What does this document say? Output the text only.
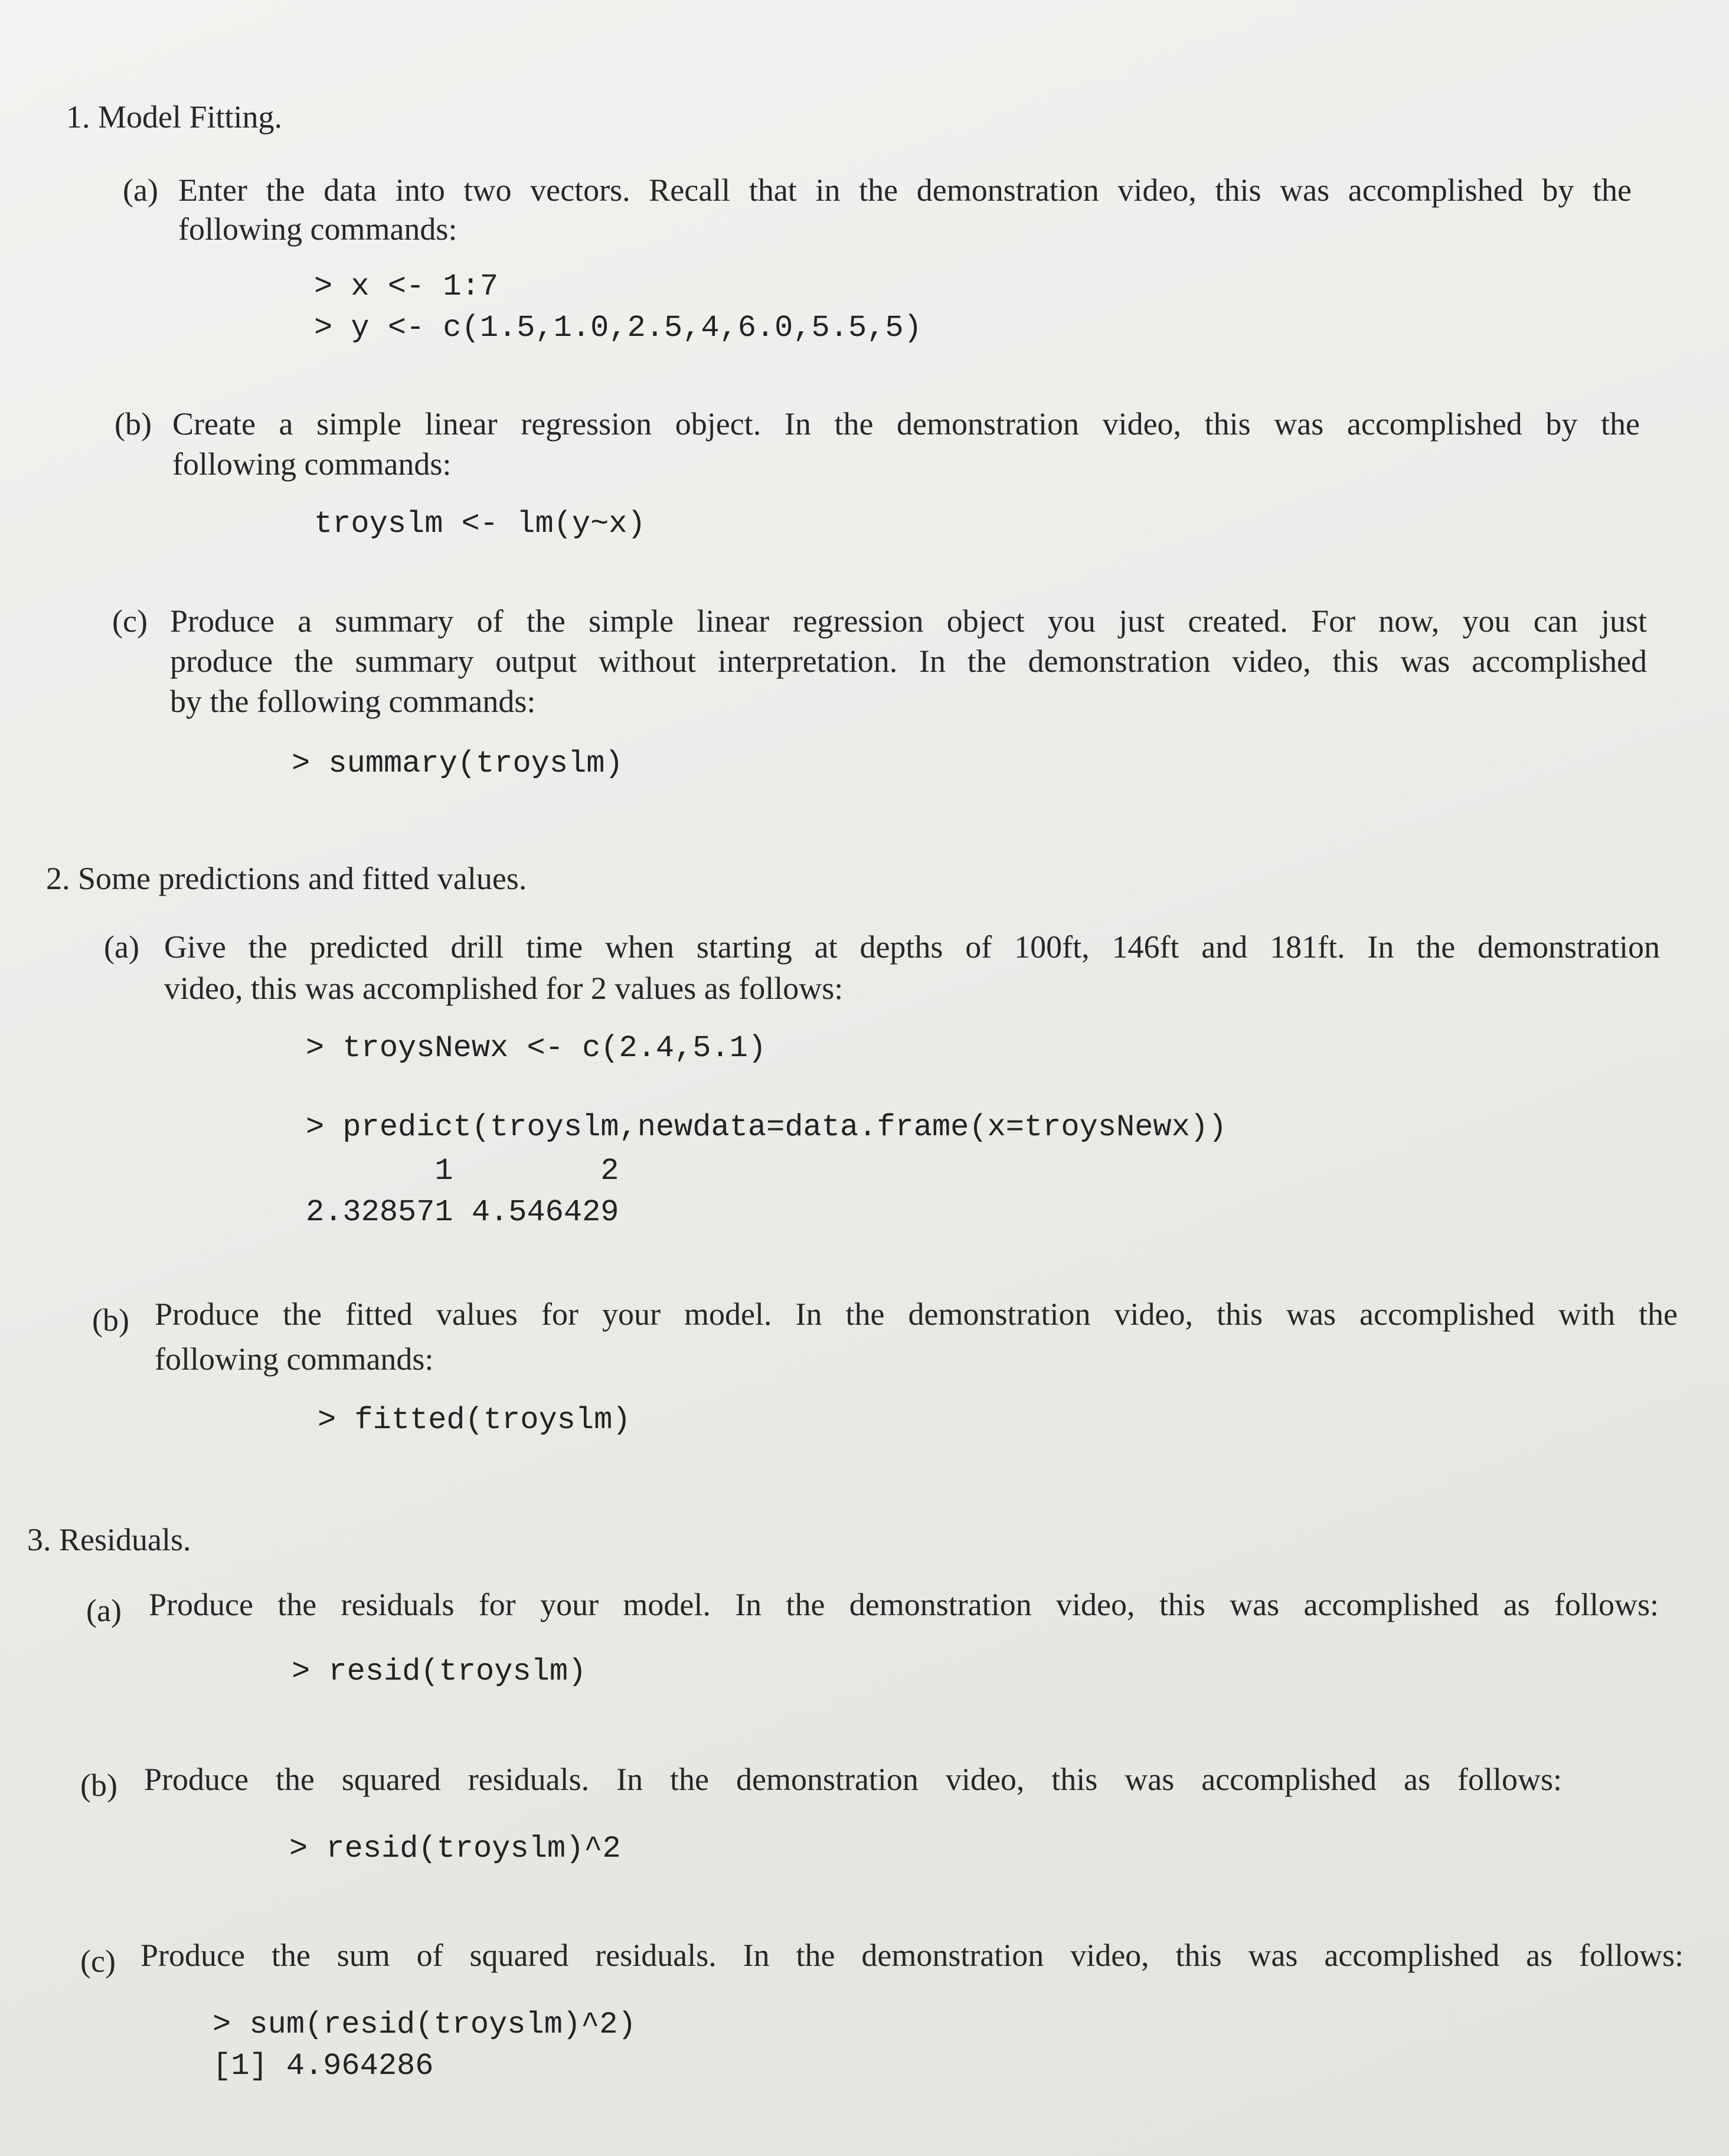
1. Model Fitting.
(a) Enter the data into two vectors. Recall that in the demonstration video, this was accomplished by the
following commands:
> x <- 1:7
> y <- c(1.5,1.0,2.5,4,6.0,5.5,5)
(b) Create a simple linear regression object. In the demonstration video, this was accomplished by the
following commands:
troyslm <- lm(y~x)
(c) Produce a summary of the simple linear regression object you just created. For now, you can just
produce the summary output without interpretation. In the demonstration video, this was accomplished
by the following commands:
> summary(troyslm)
2. Some predictions and fitted values.
(a) Give the predicted drill time when starting at depths of 100ft, 146ft and 181ft. In the demonstration
video, this was accomplished for 2 values as follows:
> troysNewx <- c(2.4,5.1)
> predict(troyslm,newdata=data.frame(x=troysNewx))
1        2
2.328571 4.546429
(b) Produce the fitted values for your model. In the demonstration video, this was accomplished with the
following commands:
> fitted(troyslm)
3. Residuals.
(a) Produce the residuals for your model. In the demonstration video, this was accomplished as follows:
> resid(troyslm)
(b) Produce the squared residuals. In the demonstration video, this was accomplished as follows:
> resid(troyslm)^2
(c) Produce the sum of squared residuals. In the demonstration video, this was accomplished as follows:
> sum(resid(troyslm)^2)
[1] 4.964286
